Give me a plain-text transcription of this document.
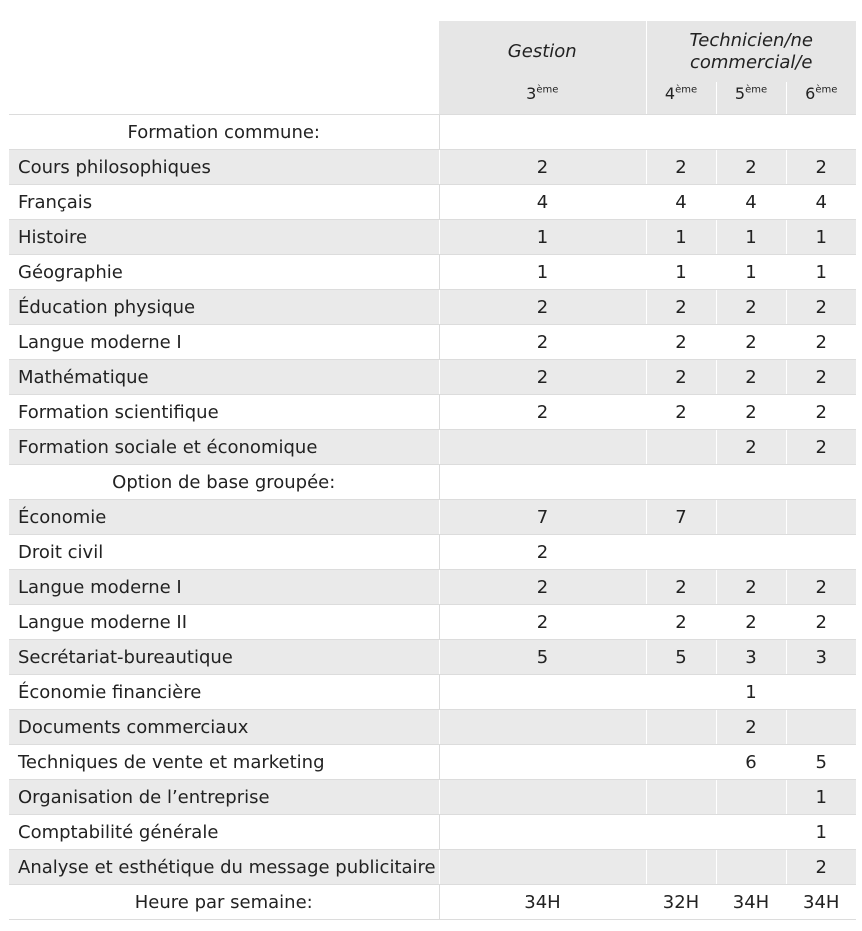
	Gestion	Technicien/ne commercial/e		
	3ème	4ème	5ème	6ème
Formation commune:				
Cours philosophiques	2	2	2	2
Français	4	4	4	4
Histoire	1	1	1	1
Géographie	1	1	1	1
Éducation physique	2	2	2	2
Langue moderne I	2	2	2	2
Mathématique	2	2	2	2
Formation scientifique	2	2	2	2
Formation sociale et économique			2	2
Option de base groupée:				
Économie	7	7		
Droit civil	2			
Langue moderne I	2	2	2	2
Langue moderne II	2	2	2	2
Secrétariat-bureautique	5	5	3	3
Économie financière			1	
Documents commerciaux			2	
Techniques de vente et marketing			6	5
Organisation de l’entreprise				1
Comptabilité générale				1
Analyse et esthétique du message publicitaire				2
Heure par semaine:	34H	32H	34H	34H
